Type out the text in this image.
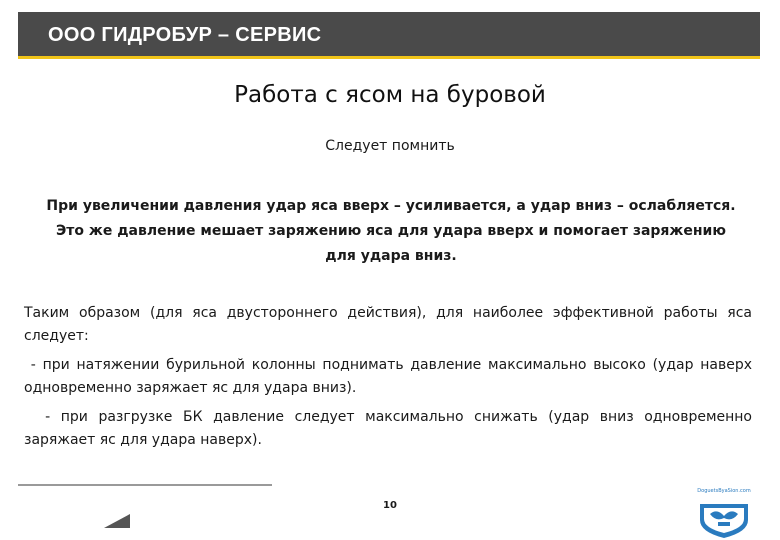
ООО ГИДРОБУР – СЕРВИС
Работа с ясом на буровой
Следует помнить
При увеличении давления удар яса вверх – усиливается, а удар вниз – ослабляется.
Это же давление мешает заряжению яса для удара вверх и помогает заряжению
для удара вниз.
Таким образом (для яса двустороннего действия), для наиболее эффективной работы яса следует:
- при натяжении бурильной колонны поднимать давление максимально высоко (удар наверх одновременно заряжает яс для удара вниз).
- при разгрузке БК давление следует максимально снижать (удар вниз одновременно заряжает яс для удара наверх).
10
DoguetsByaSion.com
